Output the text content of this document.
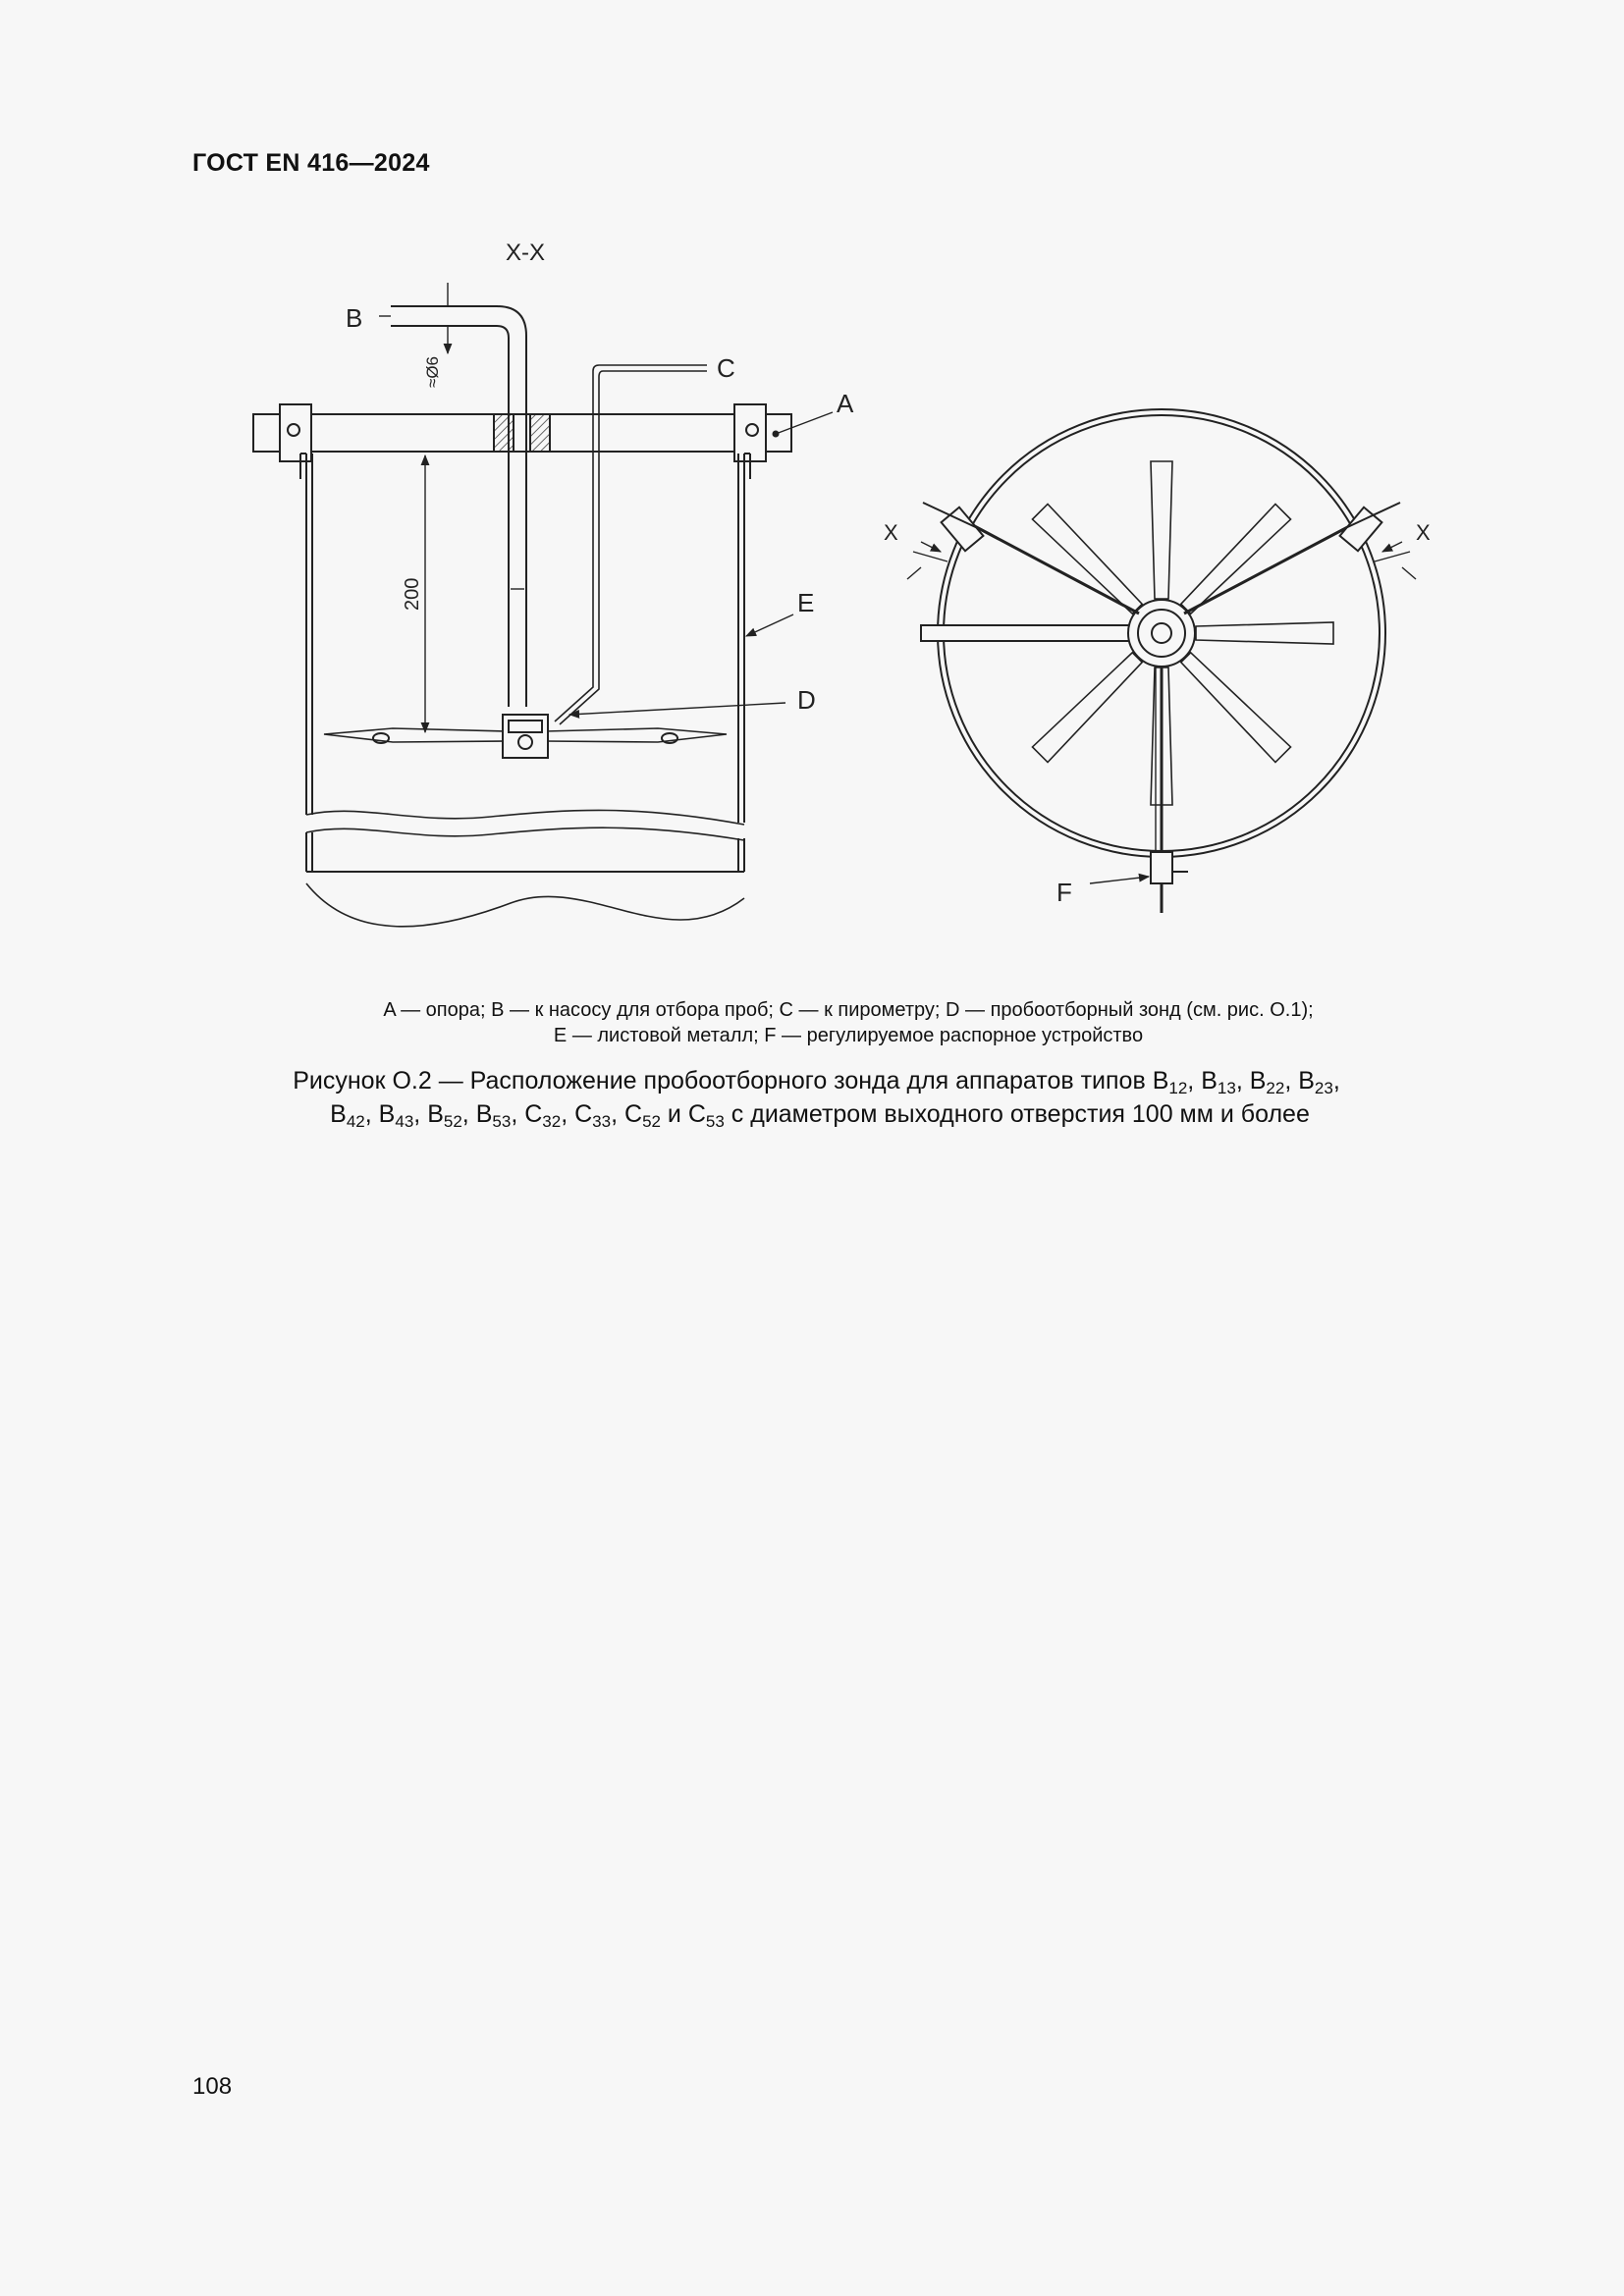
ГОСТ EN 416—2024
X-X
≈Ø6
B
C
A
200
D
E
X	X
F
A — опора; B — к насосу для отбора проб; C — к пирометру; D — пробоотборный зонд (см. рис. O.1);
E — листовой металл; F — регулируемое распорное устройство
Рисунок О.2 — Расположение пробоотборного зонда для аппаратов типов $B_{12}$, $B_{13}$, $B_{22}$, $B_{23}$,
$B_{42}$, $B_{43}$, $B_{52}$, $B_{53}$, $C_{32}$, $C_{33}$, $C_{52}$ и $C_{53}$ с диаметром выходного отверстия 100 мм и более
108
